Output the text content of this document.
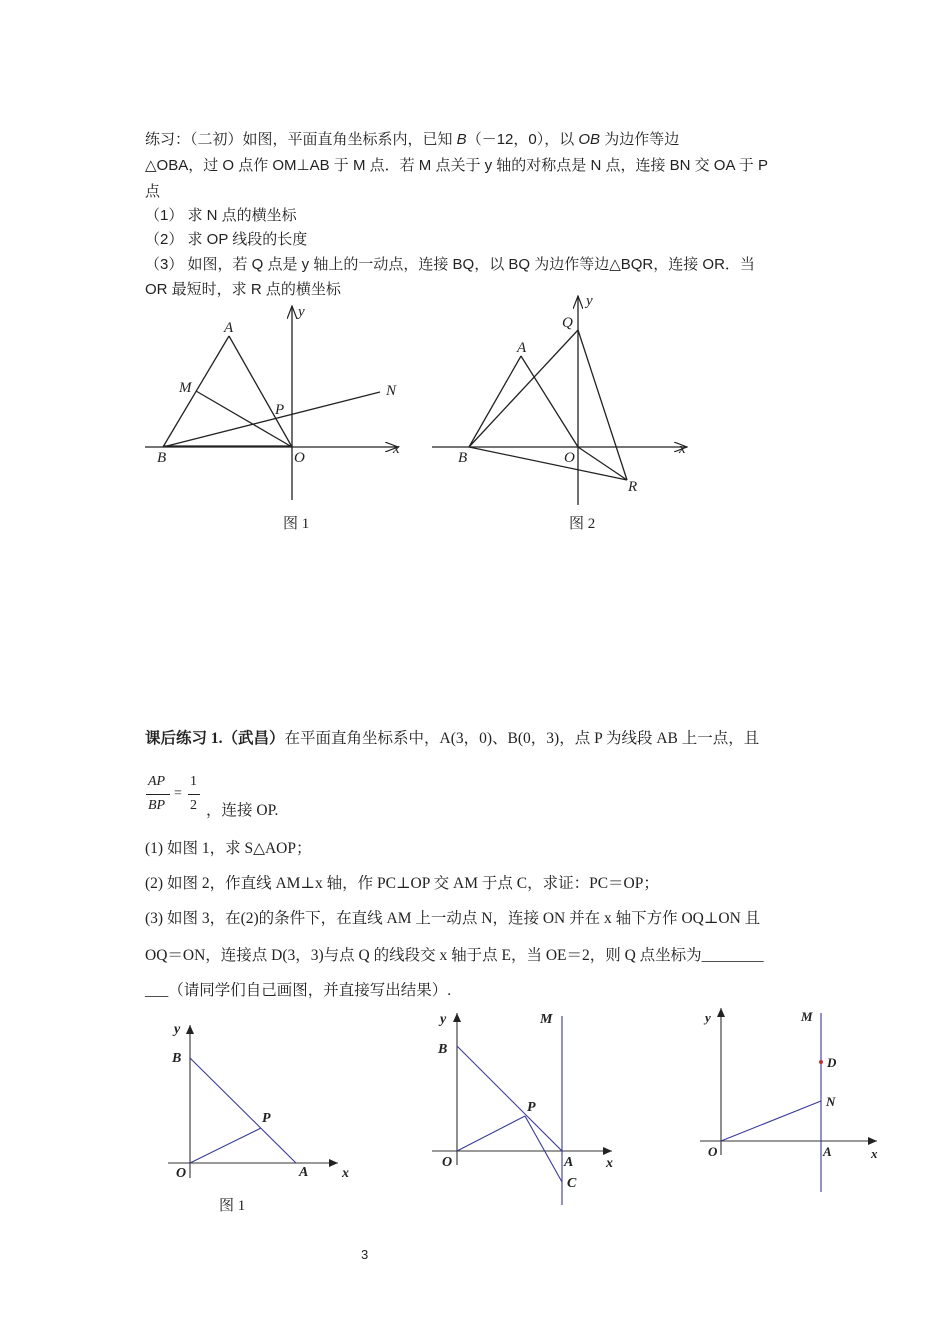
练习：（二初）如图，平面直角坐标系内，已知 B（－12，0），以 OB 为边作等边
△OBA，过 O 点作 OM⊥AB 于 M 点．若 M 点关于 y 轴的对称点是 N 点，连接 BN 交 OA 于 P
点
（1） 求 N 点的横坐标
（2） 求 OP 线段的长度
（3） 如图，若 Q 点是 y 轴上的一动点，连接 BQ，以 BQ 为边作等边△BQR，连接 OR．当
OR 最短时，求 R 点的横坐标
A
M
P
N
B	O
x
y
Q
A
B	O
R
x
y
y
B
P
O	A x
y	M
B
P
O	A x
C
y	M
D
N
O	A	x
图 1	图 2
课后练习 1.（武昌）在平面直角坐标系中，A(3，0)、B(0，3)，点 P 为线段 AB 上一点，且
AP
BP
=
1
2 ，连接 OP.
(1) 如图 1，求 S△AOP；
(2) 如图 2，作直线 AM⊥x 轴，作 PC⊥OP 交 AM 于点 C，求证：PC＝OP；
(3) 如图 3，在(2)的条件下，在直线 AM 上一动点 N，连接 ON 并在 x 轴下方作 OQ⊥ON 且
OQ＝ON，连接点 D(3，3)与点 Q 的线段交 x 轴于点 E，当 OE＝2，则 Q 点坐标为________
___（请同学们自己画图，并直接写出结果）.
图 1
3
